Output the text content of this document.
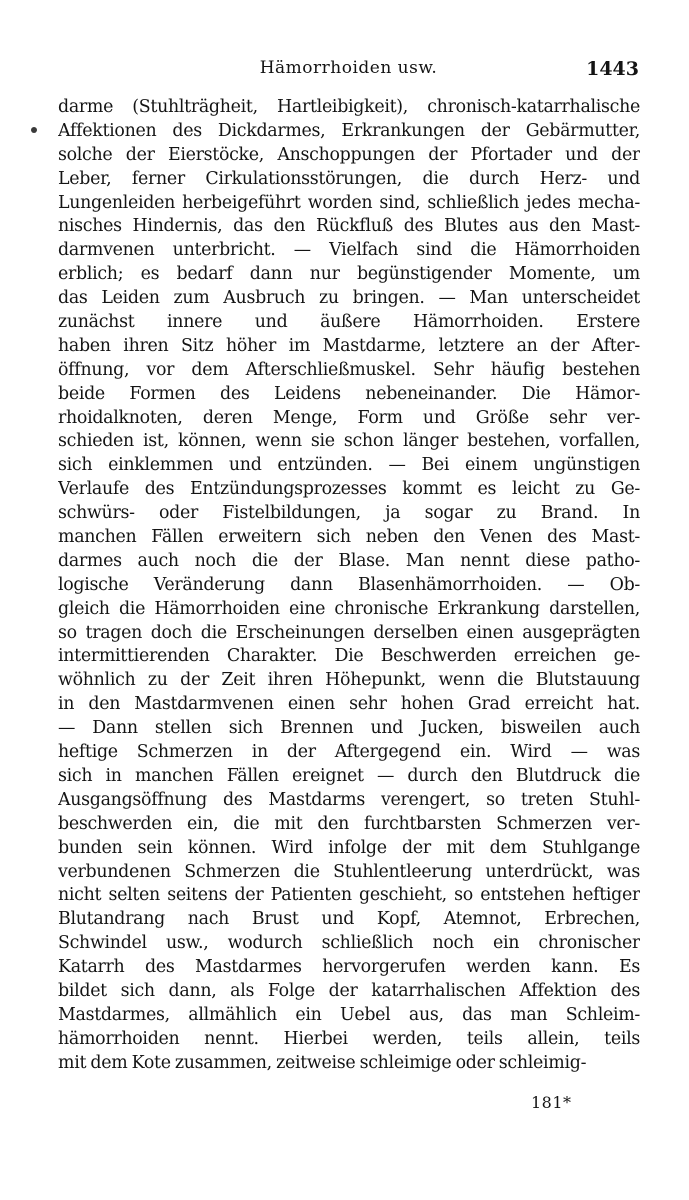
Hämorrhoiden usw.	1443
darme (Stuhlträgheit, Hartleibigkeit), chronisch-katarrhalische
Affektionen des Dickdarmes, Erkrankungen der Gebärmutter,
solche der Eierstöcke, Anschoppungen der Pfortader und der
Leber, ferner Cirkulationsstörungen, die durch Herz- und
Lungenleiden herbeigeführt worden sind, schließlich jedes mecha-
nisches Hindernis, das den Rückfluß des Blutes aus den Mast-
darmvenen unterbricht. — Vielfach sind die Hämorrhoiden
erblich; es bedarf dann nur begünstigender Momente, um
das Leiden zum Ausbruch zu bringen. — Man unterscheidet
zunächst innere und äußere Hämorrhoiden. Erstere
haben ihren Sitz höher im Mastdarme, letztere an der After-
öffnung, vor dem Afterschließmuskel. Sehr häufig bestehen
beide Formen des Leidens nebeneinander. Die Hämor-
rhoidalknoten, deren Menge, Form und Größe sehr ver-
schieden ist, können, wenn sie schon länger bestehen, vorfallen,
sich einklemmen und entzünden. — Bei einem ungünstigen
Verlaufe des Entzündungsprozesses kommt es leicht zu Ge-
schwürs- oder Fistelbildungen, ja sogar zu Brand. In
manchen Fällen erweitern sich neben den Venen des Mast-
darmes auch noch die der Blase. Man nennt diese patho-
logische Veränderung dann Blasenhämorrhoiden. — Ob-
gleich die Hämorrhoiden eine chronische Erkrankung darstellen,
so tragen doch die Erscheinungen derselben einen ausgeprägten
intermittierenden Charakter. Die Beschwerden erreichen ge-
wöhnlich zu der Zeit ihren Höhepunkt, wenn die Blutstauung
in den Mastdarmvenen einen sehr hohen Grad erreicht hat.
— Dann stellen sich Brennen und Jucken, bisweilen auch
heftige Schmerzen in der Aftergegend ein. Wird — was
sich in manchen Fällen ereignet — durch den Blutdruck die
Ausgangsöffnung des Mastdarms verengert, so treten Stuhl-
beschwerden ein, die mit den furchtbarsten Schmerzen ver-
bunden sein können. Wird infolge der mit dem Stuhlgange
verbundenen Schmerzen die Stuhlentleerung unterdrückt, was
nicht selten seitens der Patienten geschieht, so entstehen heftiger
Blutandrang nach Brust und Kopf, Atemnot, Erbrechen,
Schwindel usw., wodurch schließlich noch ein chronischer
Katarrh des Mastdarmes hervorgerufen werden kann. Es
bildet sich dann, als Folge der katarrhalischen Affektion des
Mastdarmes, allmählich ein Uebel aus, das man Schleim-
hämorrhoiden nennt. Hierbei werden, teils allein, teils
mit dem Kote zusammen, zeitweise schleimige oder schleimig-
181*
